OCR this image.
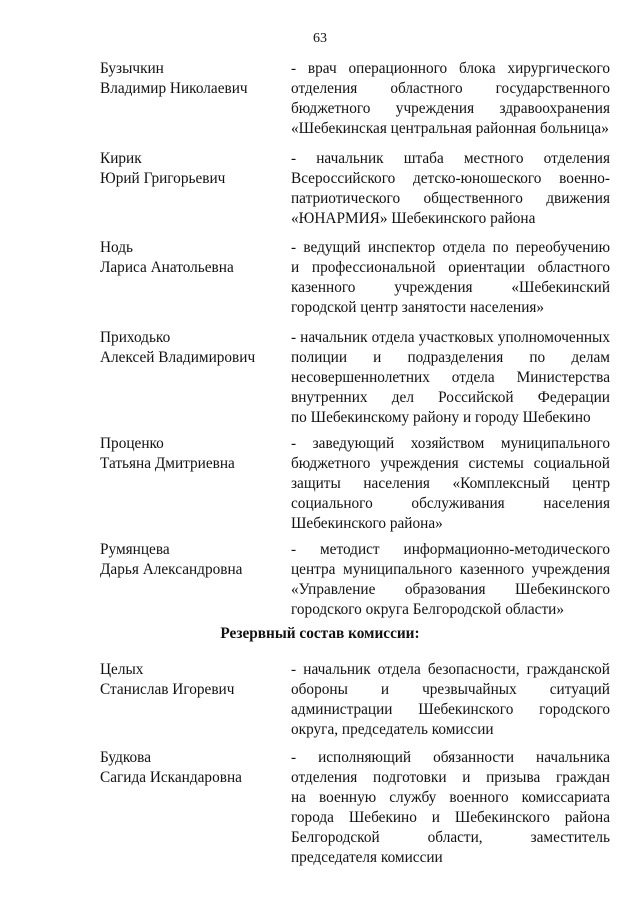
63
Бузычкин
Владимир Николаевич
- врач операционного блока хирургического
отделения областного государственного
бюджетного учреждения здравоохранения
«Шебекинская центральная районная больница»
Кирик
Юрий Григорьевич
- начальник штаба местного отделения
Всероссийского детско-юношеского военно-
патриотического общественного движения
«ЮНАРМИЯ» Шебекинского района
Нодь
Лариса Анатольевна
- ведущий инспектор отдела по переобучению
и профессиональной ориентации областного
казенного учреждения «Шебекинский
городской центр занятости населения»
Приходько
Алексей Владимирович
- начальник отдела участковых уполномоченных
полиции и подразделения по делам
несовершеннолетних отдела Министерства
внутренних дел Российской Федерации
по Шебекинскому району и городу Шебекино
Проценко
Татьяна Дмитриевна
- заведующий хозяйством муниципального
бюджетного учреждения системы социальной
защиты населения «Комплексный центр
социального обслуживания населения
Шебекинского района»
Румянцева
Дарья Александровна
- методист информационно-методического
центра муниципального казенного учреждения
«Управление образования Шебекинского
городского округа Белгородской области»
Резервный состав комиссии:
Целых
Станислав Игоревич
- начальник отдела безопасности, гражданской
обороны и чрезвычайных ситуаций
администрации Шебекинского городского
округа, председатель комиссии
Будкова
Сагида Искандаровна
- исполняющий обязанности начальника
отделения подготовки и призыва граждан
на военную службу военного комиссариата
города Шебекино и Шебекинского района
Белгородской области, заместитель
председателя комиссии
